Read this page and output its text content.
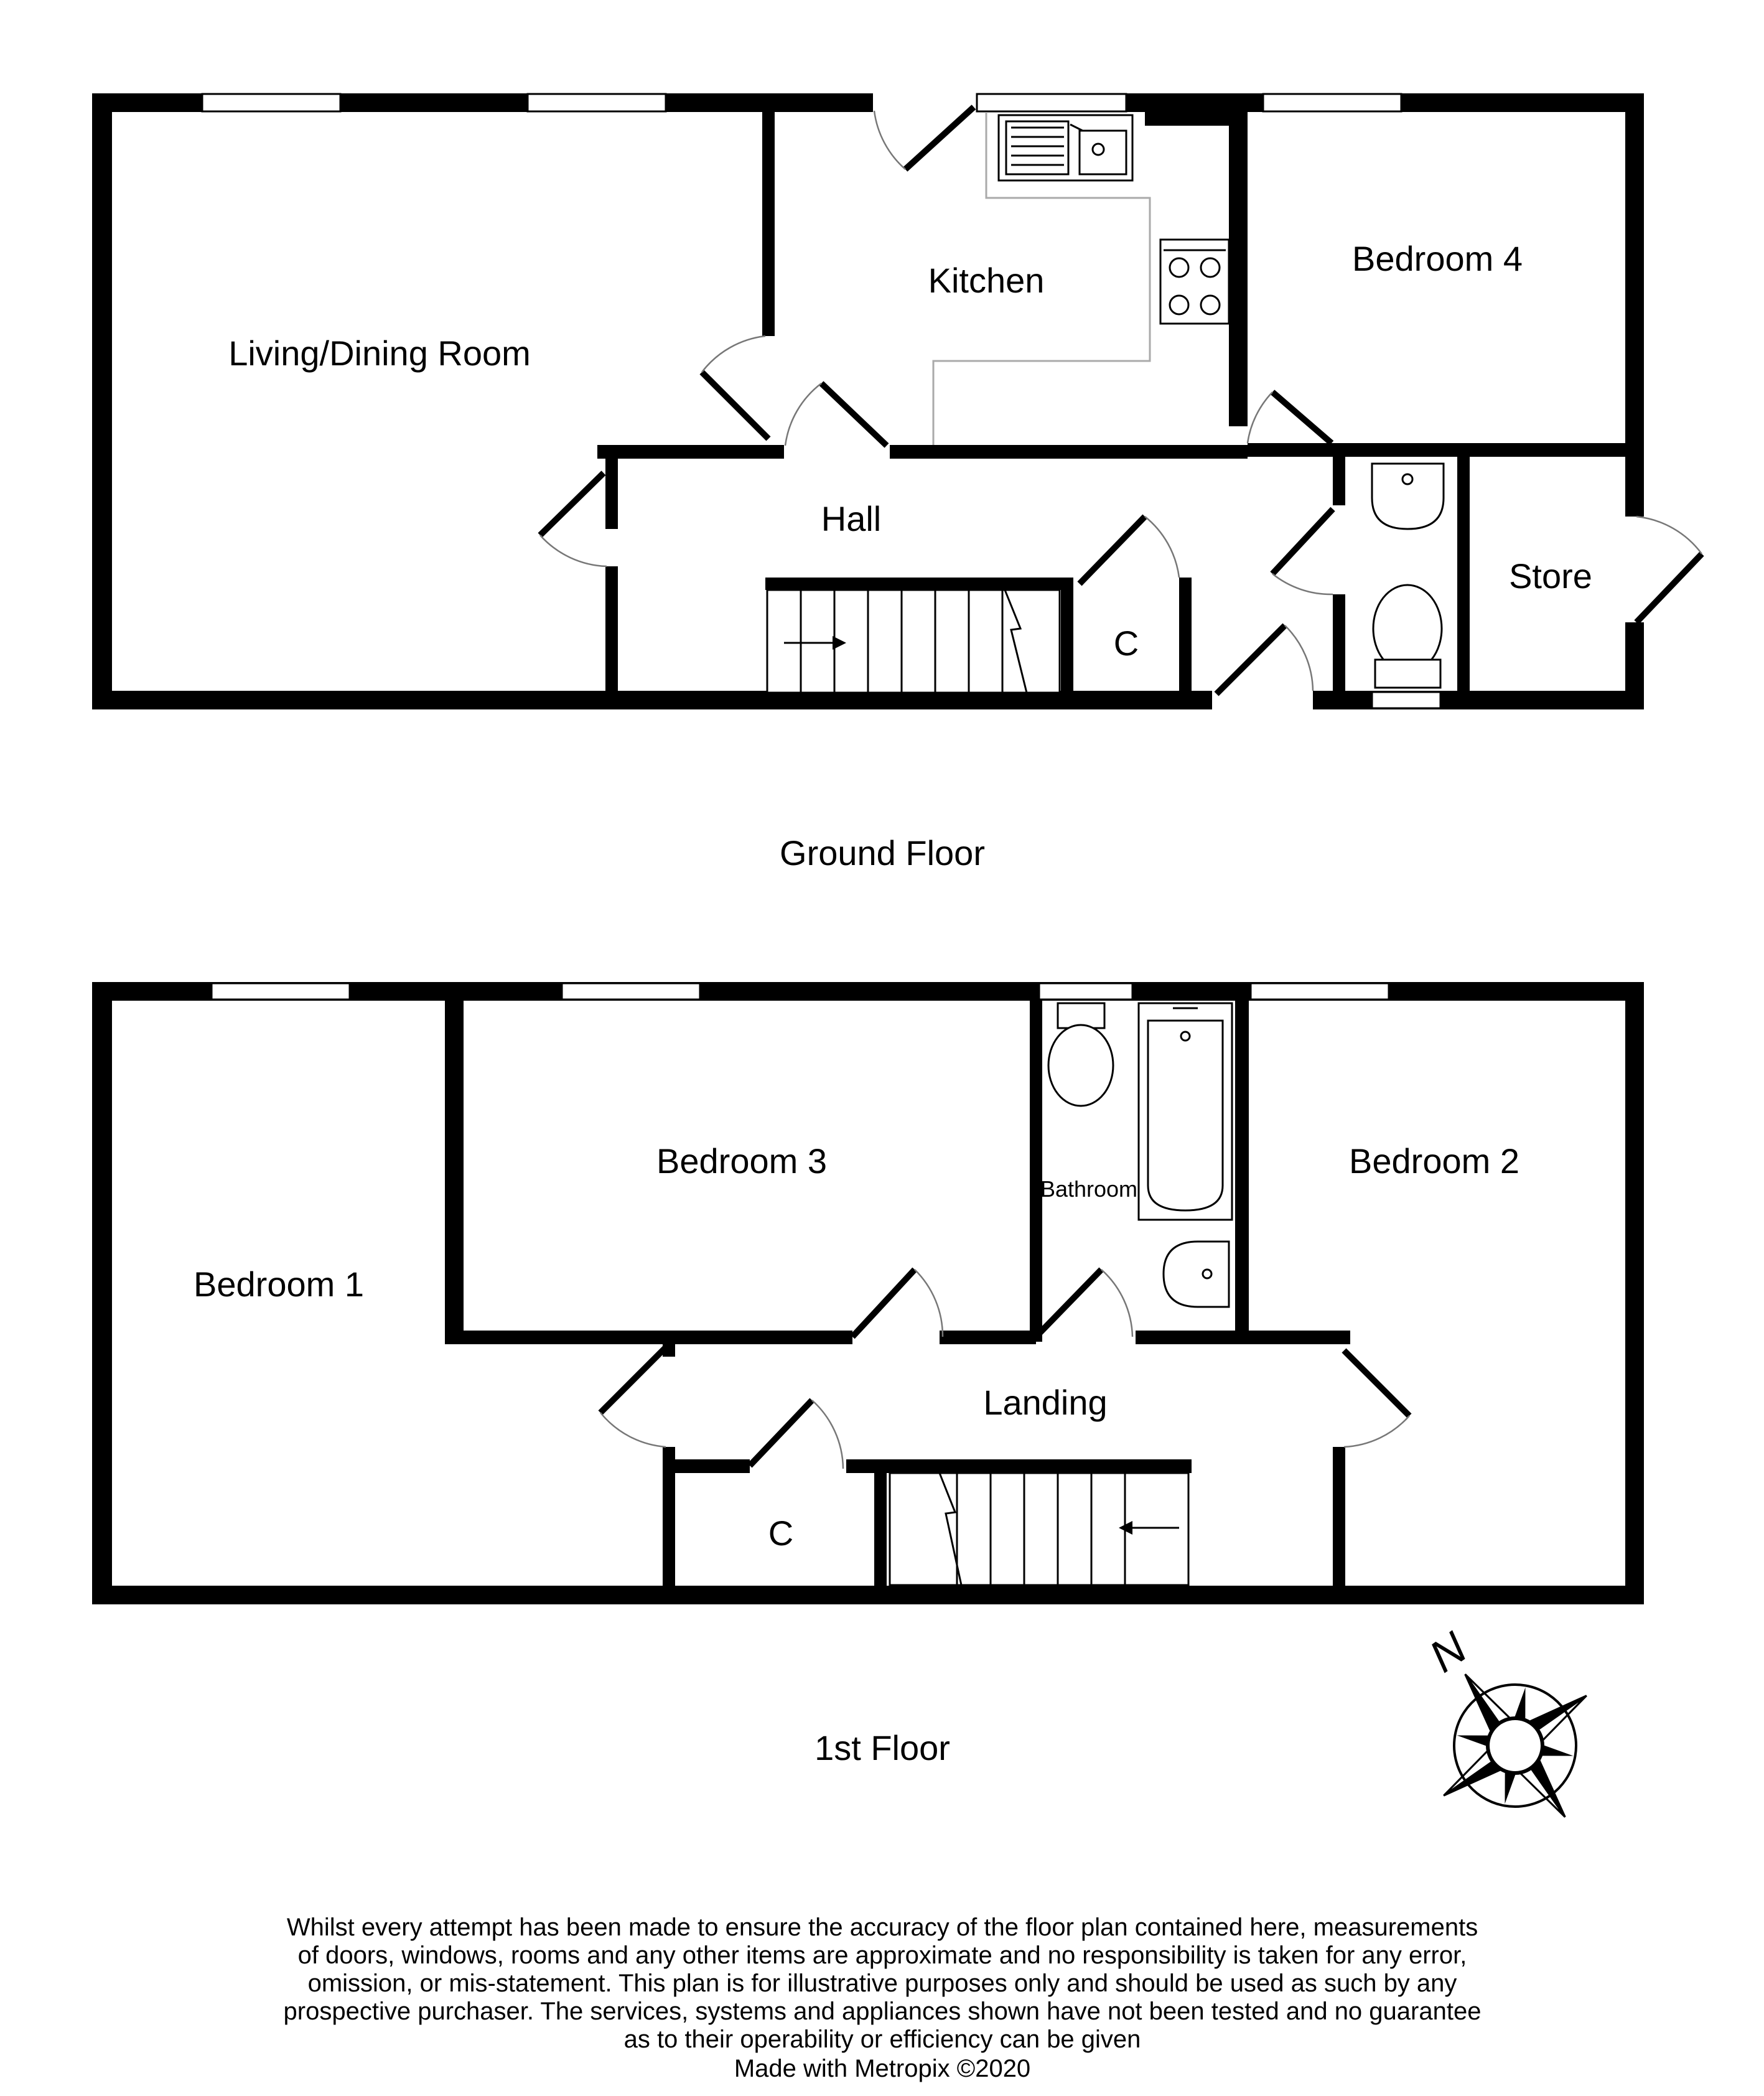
Living/Dining Room
Kitchen
Bedroom 4
Hall
Store
C
Ground Floor
Bedroom 1
Bedroom 3
Bathroom
Bedroom 2
Landing
C
1st Floor
N
Whilst every attempt has been made to ensure the accuracy of the floor plan contained here, measurements
of doors, windows, rooms and any other items are approximate and no responsibility is taken for any error,
omission, or mis-statement. This plan is for illustrative purposes only and should be used as such by any
prospective purchaser. The services, systems and appliances shown have not been tested and no guarantee
as to their operability or efficiency can be given
Made with Metropix ©2020
